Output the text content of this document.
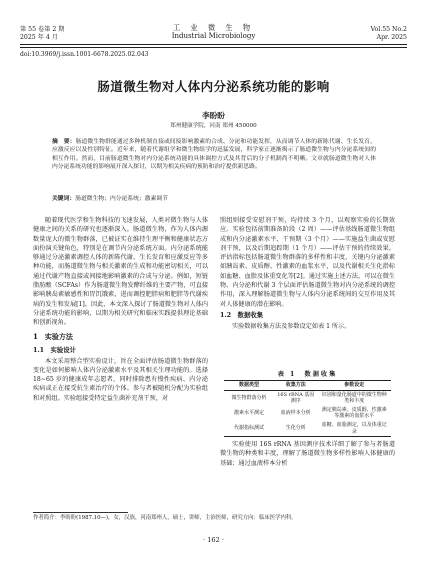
第 55 卷第 2 期
2025 年 4 月
工 业 微 生 物
Industrial Microbiology
Vol.55 No.2
Apr. 2025
doi:10.3969/j.issn.1001-6678.2025.02.043
肠道微生物对人体内分泌系统功能的影响
李盼盼
郑州健康学院，河南 郑州 450000
摘　要：肠道微生物群能通过多种机制直接或间接影响激素的合成、分泌和功能发挥，从而调节人体的新陈代谢、生长发育、应激反应以及性别特征。近年来，随着代谢组学和微生物组学的迅猛发展，科学家正逐渐揭示了肠道微生物与内分泌系统间的相互作用。然而，目前肠道微生物对内分泌系统功能的具体调控方式及其背后的分子机制尚不明晰。文章就肠道微生物对人体内分泌系统功能的影响展开深入探讨，以期为相关疾病的预防和治疗提供新思路。
关键词：肠道微生物；内分泌系统；激素调节

随着现代医学和生物科技的飞速发展，人类对微生物与人体健康之间的关系的研究也逐渐深入。肠道微生物，作为人体内源数量庞大的微生物群落，已被证实在维持生理平衡和健康状态方面扮演关键角色，特别是在调节内分泌系统方面。内分泌系统能够通过分泌激素调控人体的新陈代谢、生长发育和应激反应等多种功能，而肠道微生物与相关激素的生成和功能密切相关，可以通过代谢产物直接或间接地影响激素的合成与分泌。例如，短链脂肪酸（SCFAs）作为肠道微生物发酵纤维的主要产物，可直接影响胰岛素敏感性和胃饥饿素，进而调控肥胖病和肥胖等代谢疾病的发生和发展[1]。因此，本文深入探讨了肠道微生物对人体内分泌系统功能的影响，以期为相关研究和临床实践提供理论基础和创新视角。

1　实验方法
1.1　实验设计

本文采用整合型实验设计，旨在全面评估肠道微生物群落的变化是如何影响人体内分泌激素水平及其相关生理功能的。选择 18~65 岁的健康成年志愿者，同时排除患有慢性疾病、内分泌疾病或正在接受抗生素治疗的个体。参与者被随机分配为实验组和对照组。实验组接受特定益生菌补充剂干预，对

照组则接受安慰剂干预，均持续 3 个月，以观察实验的长期效应。实验包括前期准备阶段（2 周）——评估基线肠道微生物组成和内分泌激素水平、干预期（3 个月）——实施益生菌或安慰剂干预，以及后期追踪期（1 个月）——评估干预的持续效果。评估指标包括肠道微生物群落的多样性和丰度、关键内分泌激素如胰岛素、皮质醇、性激素的血浆水平，以及代谢相关生化指标如血糖、血脂及体重变化等[2]。通过实施上述方法，可以在微生物、内分泌和代谢 3 个层面评估肠道微生物对内分泌系统的调控作用，深入理解肠道微生物与人体内分泌系统间的交互作用及其对人体健康的潜在影响。

1.2　数据收集

实验数据收集方法及参数设定如表 1 所示。

表 1　数据收集
数据类型	收集方法	参数设定
微生物群落分析	16S rRNA 基因测序	识别和量化肠道中的微生物种类和丰度
激素水平测定	血液样本分析	测定胰岛素、皮质醇、性激素等激素的血浆水平
代谢指标测试	生化分析	血糖、血脂测定，以及体重记录

实验使用 16S rRNA 基因测序技术详细了解了参与者肠道微生物的种类和丰度，理解了肠道微生物多样性影响人体健康的基础；通过血液样本分析

作者简介：李盼盼(1987.10—)，女，汉族，河南郑州人，硕士，讲师，主治医师，研究方向：临床医学内科。
· 162 ·
